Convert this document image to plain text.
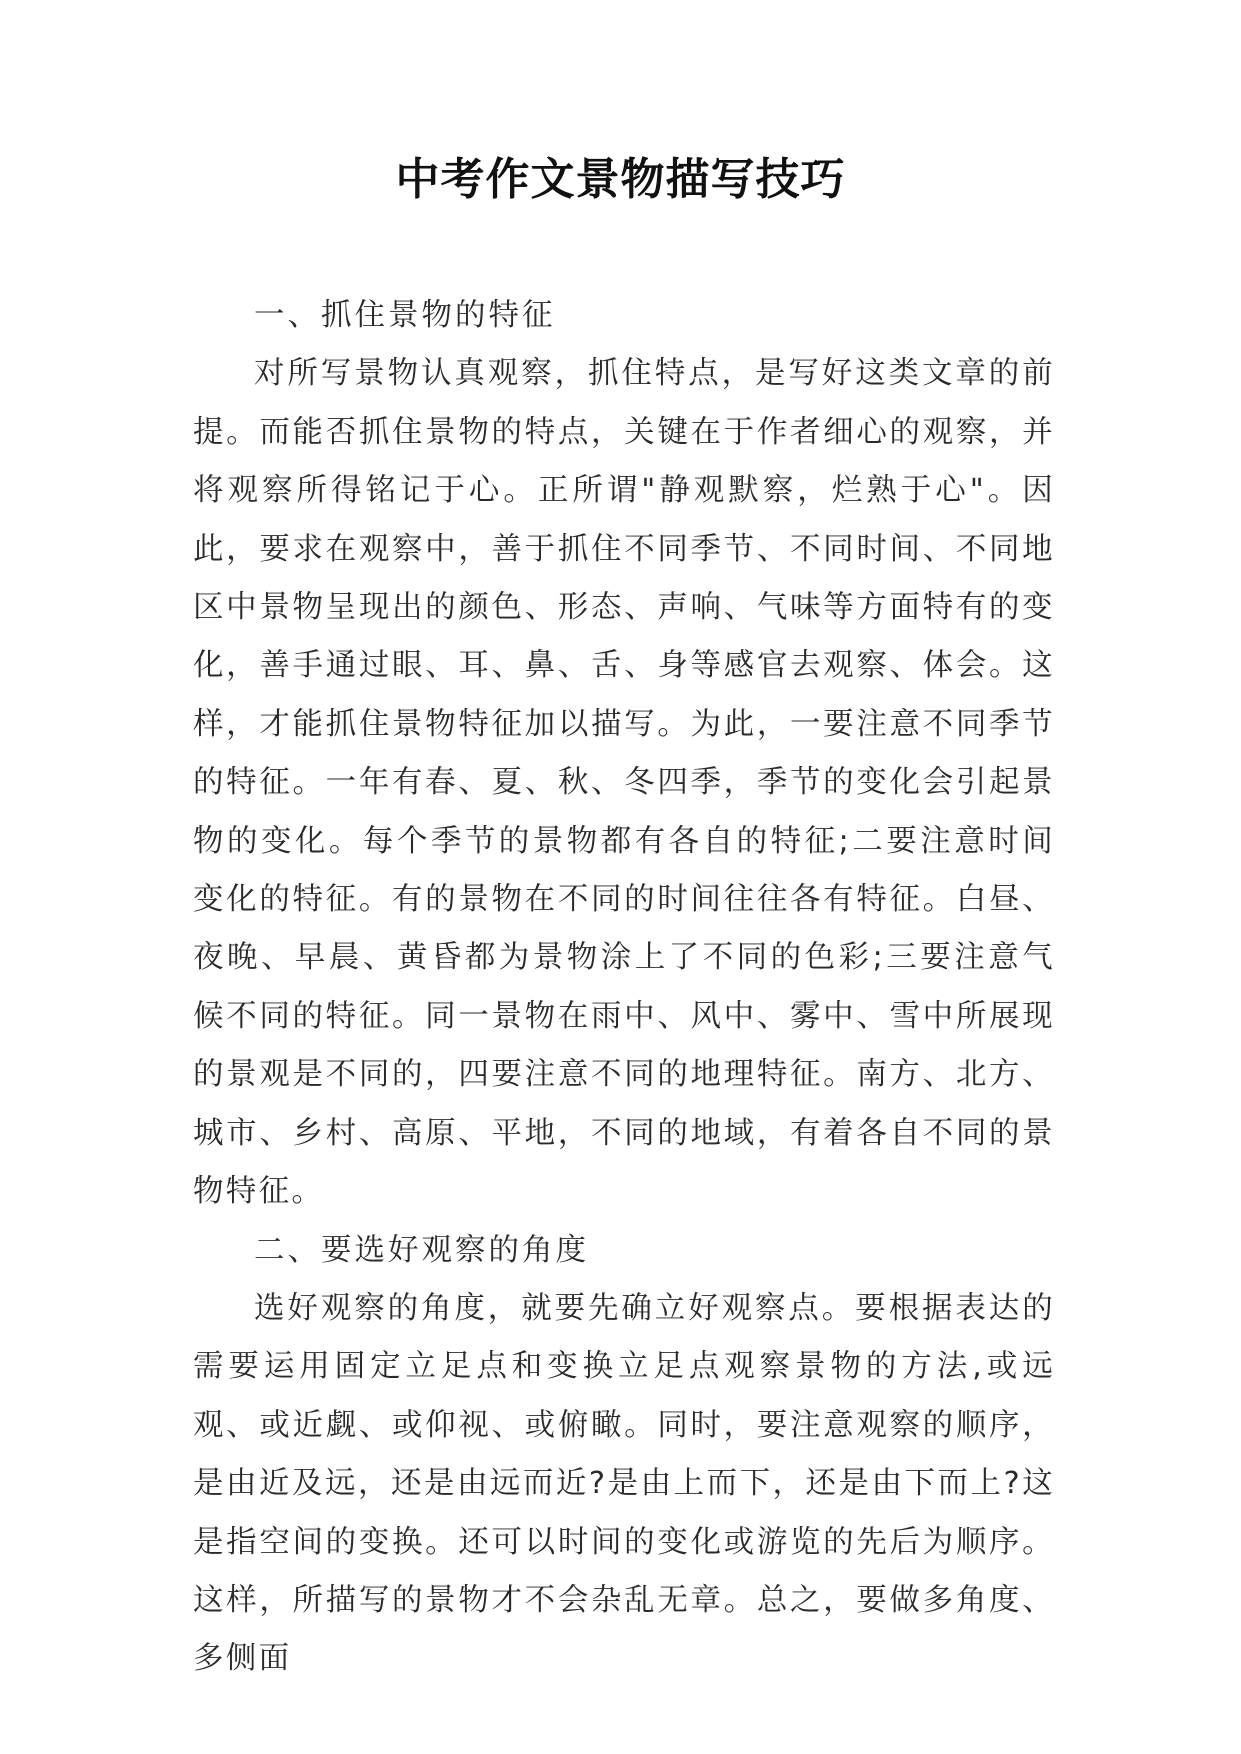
中考作文景物描写技巧

一、抓住景物的特征

对所写景物认真观察，抓住特点，是写好这类文章的前提。而能否抓住景物的特点，关键在于作者细心的观察，并将观察所得铭记于心。正所谓"静观默察，烂熟于心"。因此，要求在观察中，善于抓住不同季节、不同时间、不同地区中景物呈现出的颜色、形态、声响、气味等方面特有的变化，善手通过眼、耳、鼻、舌、身等感官去观察、体会。这样，才能抓住景物特征加以描写。为此，一要注意不同季节的特征。一年有春、夏、秋、冬四季，季节的变化会引起景物的变化。每个季节的景物都有各自的特征;二要注意时间变化的特征。有的景物在不同的时间往往各有特征。白昼、夜晚、早晨、黄昏都为景物涂上了不同的色彩;三要注意气候不同的特征。同一景物在雨中、风中、雾中、雪中所展现的景观是不同的，四要注意不同的地理特征。南方、北方、城市、乡村、高原、平地，不同的地域，有着各自不同的景物特征。

二、要选好观察的角度

选好观察的角度，就要先确立好观察点。要根据表达的需要运用固定立足点和变换立足点观察景物的方法,或远观、或近觑、或仰视、或俯瞰。同时，要注意观察的顺序，是由近及远，还是由远而近?是由上而下，还是由下而上?这是指空间的变换。还可以时间的变化或游览的先后为顺序。这样，所描写的景物才不会杂乱无章。总之，要做多角度、多侧面
